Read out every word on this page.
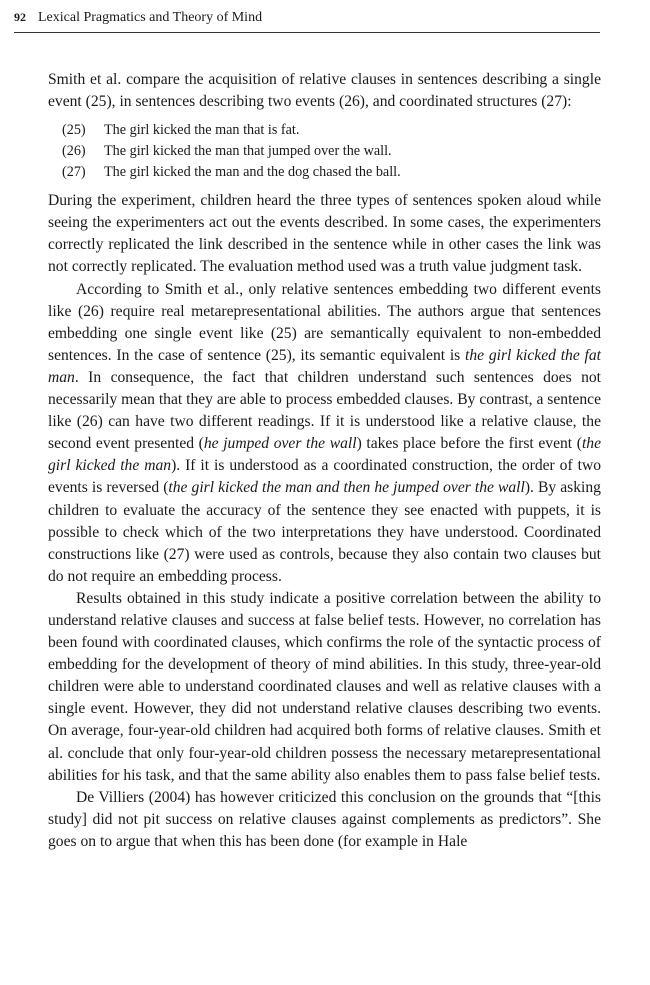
92 Lexical Pragmatics and Theory of Mind

Smith et al. compare the acquisition of relative clauses in sentences describing a single event (25), in sentences describing two events (26), and coordinated structures (27):

(25)	The girl kicked the man that is fat.
(26)	The girl kicked the man that jumped over the wall.
(27)	The girl kicked the man and the dog chased the ball.

During the experiment, children heard the three types of sentences spoken aloud while seeing the experimenters act out the events described. In some cases, the experimenters correctly replicated the link described in the sentence while in other cases the link was not correctly replicated. The evaluation method used was a truth value judgment task.

According to Smith et al., only relative sentences embedding two different events like (26) require real metarepresentational abilities. The authors argue that sentences embedding one single event like (25) are semantically equivalent to non-embedded sentences. In the case of sentence (25), its semantic equivalent is the girl kicked the fat man. In consequence, the fact that children understand such sentences does not necessarily mean that they are able to process embedded clauses. By contrast, a sentence like (26) can have two different readings. If it is understood like a relative clause, the second event presented (he jumped over the wall) takes place before the first event (the girl kicked the man). If it is understood as a coordinated construction, the order of two events is reversed (the girl kicked the man and then he jumped over the wall). By asking children to evaluate the accuracy of the sentence they see enacted with puppets, it is possible to check which of the two interpretations they have understood. Coordinated constructions like (27) were used as controls, because they also contain two clauses but do not require an embedding process.

Results obtained in this study indicate a positive correlation between the ability to understand relative clauses and success at false belief tests. However, no correlation has been found with coordinated clauses, which confirms the role of the syntactic process of embedding for the development of theory of mind abilities. In this study, three-year-old children were able to understand coordinated clauses and well as relative clauses with a single event. However, they did not understand relative clauses describing two events. On average, four-year-old children had acquired both forms of relative clauses. Smith et al. conclude that only four-year-old children possess the necessary metarepresentational abilities for his task, and that the same ability also enables them to pass false belief tests.

De Villiers (2004) has however criticized this conclusion on the grounds that “[this study] did not pit success on relative clauses against complements as predictors”. She goes on to argue that when this has been done (for example in Hale
